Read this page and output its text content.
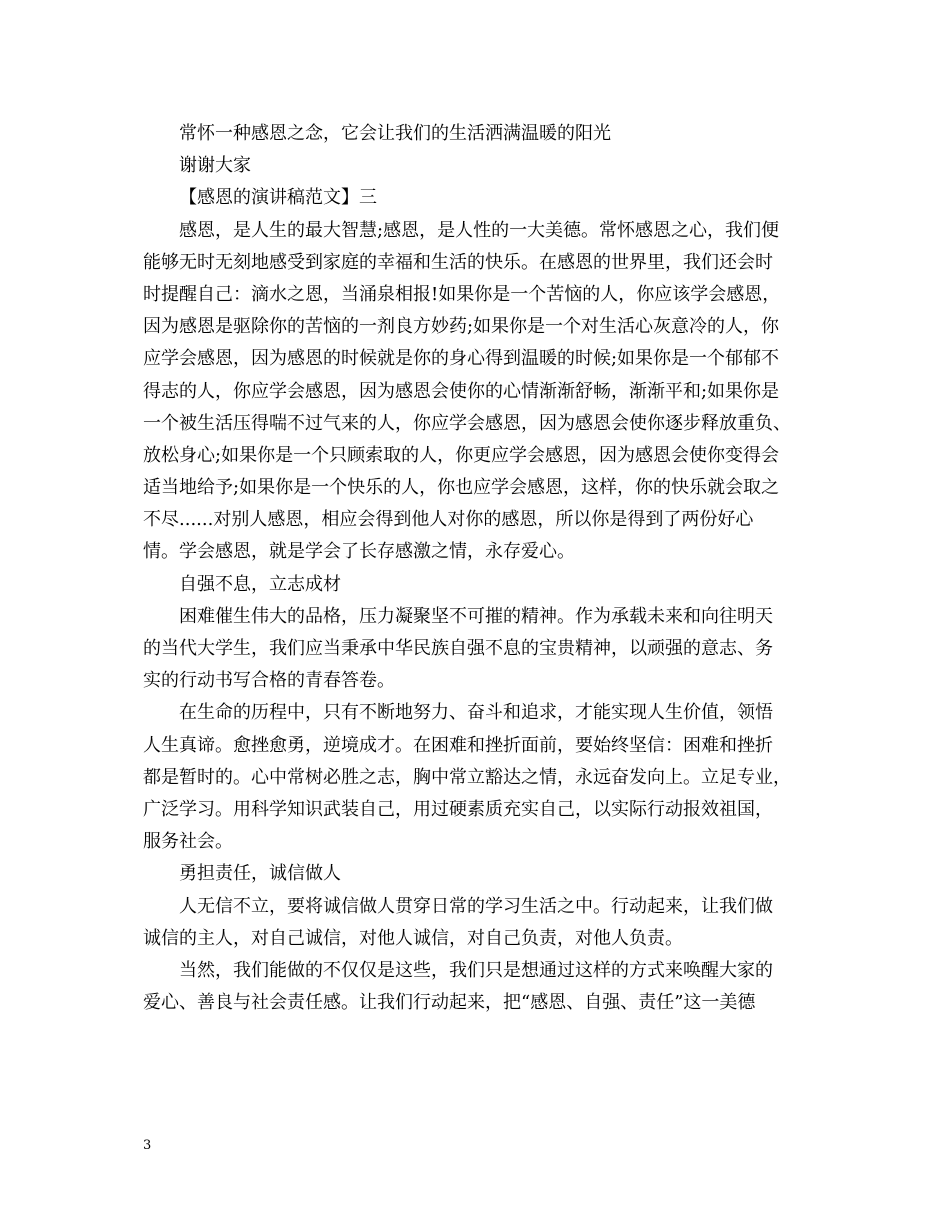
常怀一种感恩之念，它会让我们的生活洒满温暖的阳光
谢谢大家
【感恩的演讲稿范文】三
感恩，是人生的最大智慧;感恩，是人性的一大美德。常怀感恩之心，我们便
能够无时无刻地感受到家庭的幸福和生活的快乐。在感恩的世界里，我们还会时
时提醒自己：滴水之恩，当涌泉相报!如果你是一个苦恼的人，你应该学会感恩，
因为感恩是驱除你的苦恼的一剂良方妙药;如果你是一个对生活心灰意冷的人，你
应学会感恩，因为感恩的时候就是你的身心得到温暖的时候;如果你是一个郁郁不
得志的人，你应学会感恩，因为感恩会使你的心情渐渐舒畅，渐渐平和;如果你是
一个被生活压得喘不过气来的人，你应学会感恩，因为感恩会使你逐步释放重负、
放松身心;如果你是一个只顾索取的人，你更应学会感恩，因为感恩会使你变得会
适当地给予;如果你是一个快乐的人，你也应学会感恩，这样，你的快乐就会取之
不尽......对别人感恩，相应会得到他人对你的感恩，所以你是得到了两份好心
情。学会感恩，就是学会了长存感激之情，永存爱心。
自强不息，立志成材
困难催生伟大的品格，压力凝聚坚不可摧的精神。作为承载未来和向往明天
的当代大学生，我们应当秉承中华民族自强不息的宝贵精神，以顽强的意志、务
实的行动书写合格的青春答卷。
在生命的历程中，只有不断地努力、奋斗和追求，才能实现人生价值，领悟
人生真谛。愈挫愈勇，逆境成才。在困难和挫折面前，要始终坚信：困难和挫折
都是暂时的。心中常树必胜之志，胸中常立豁达之情，永远奋发向上。立足专业，
广泛学习。用科学知识武装自己，用过硬素质充实自己，以实际行动报效祖国，
服务社会。
勇担责任，诚信做人
人无信不立，要将诚信做人贯穿日常的学习生活之中。行动起来，让我们做
诚信的主人，对自己诚信，对他人诚信，对自己负责，对他人负责。
当然，我们能做的不仅仅是这些，我们只是想通过这样的方式来唤醒大家的
爱心、善良与社会责任感。让我们行动起来，把“感恩、自强、责任”这一美德
3
